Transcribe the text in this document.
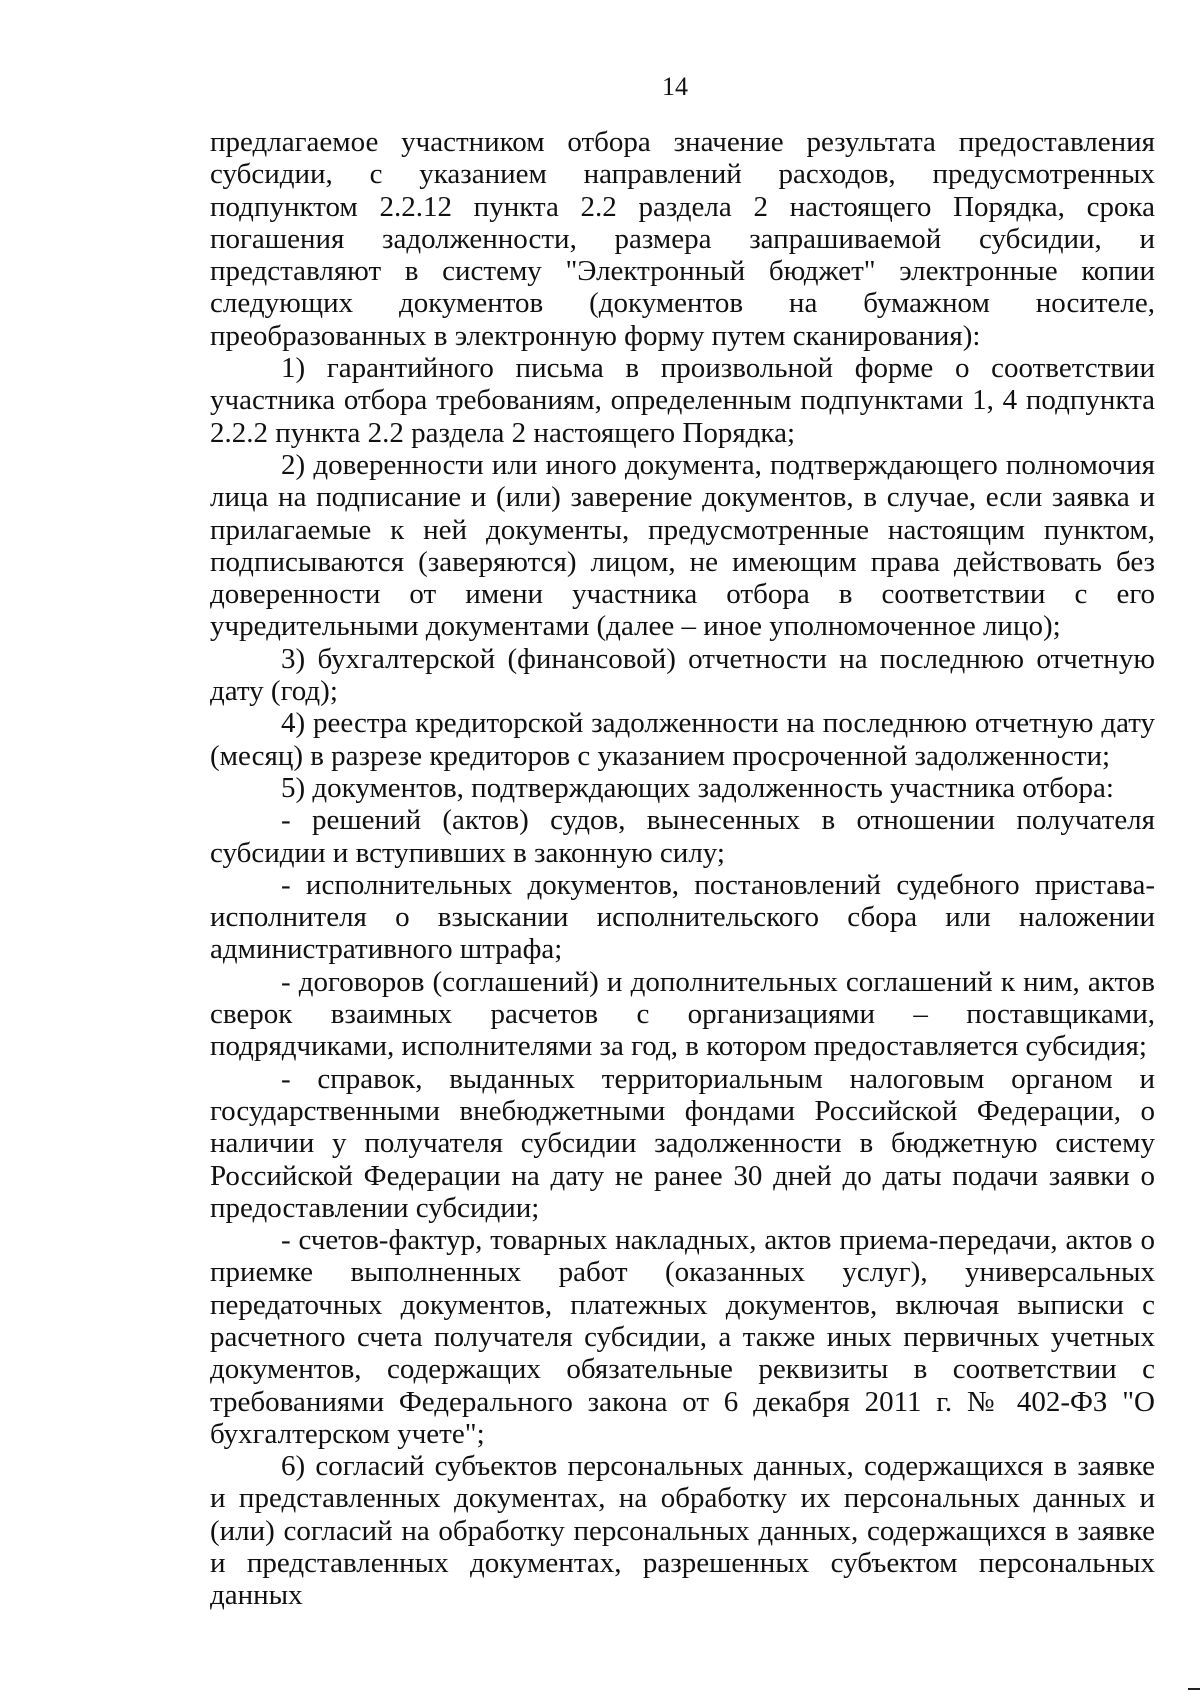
14

предлагаемое участником отбора значение результата предоставления субсидии, с указанием направлений расходов, предусмотренных подпунктом 2.2.12 пункта 2.2 раздела 2 настоящего Порядка, срока погашения задолженности, размера запрашиваемой субсидии, и представляют в систему "Электронный бюджет" электронные копии следующих документов (документов на бумажном носителе, преобразованных в электронную форму путем сканирования):

1) гарантийного письма в произвольной форме о соответствии участника отбора требованиям, определенным подпунктами 1, 4 подпункта 2.2.2 пункта 2.2 раздела 2 настоящего Порядка;

2) доверенности или иного документа, подтверждающего полномочия лица на подписание и (или) заверение документов, в случае, если заявка и прилагаемые к ней документы, предусмотренные настоящим пунктом, подписываются (заверяются) лицом, не имеющим права действовать без доверенности от имени участника отбора в соответствии с его учредительными документами (далее – иное уполномоченное лицо);

3) бухгалтерской (финансовой) отчетности на последнюю отчетную дату (год);

4) реестра кредиторской задолженности на последнюю отчетную дату (месяц) в разрезе кредиторов с указанием просроченной задолженности;

5) документов, подтверждающих задолженность участника отбора:

- решений (актов) судов, вынесенных в отношении получателя субсидии и вступивших в законную силу;

- исполнительных документов, постановлений судебного пристава-исполнителя о взыскании исполнительского сбора или наложении административного штрафа;

- договоров (соглашений) и дополнительных соглашений к ним, актов сверок взаимных расчетов с организациями – поставщиками, подрядчиками, исполнителями за год, в котором предоставляется субсидия;

- справок, выданных территориальным налоговым органом и государственными внебюджетными фондами Российской Федерации, о наличии у получателя субсидии задолженности в бюджетную систему Российской Федерации на дату не ранее 30 дней до даты подачи заявки о предоставлении субсидии;

- счетов-фактур, товарных накладных, актов приема-передачи, актов о приемке выполненных работ (оказанных услуг), универсальных передаточных документов, платежных документов, включая выписки с расчетного счета получателя субсидии, а также иных первичных учетных документов, содержащих обязательные реквизиты в соответствии с требованиями Федерального закона от 6 декабря 2011 г. № 402-ФЗ "О бухгалтерском учете";

6) согласий субъектов персональных данных, содержащихся в заявке и представленных документах, на обработку их персональных данных и (или) согласий на обработку персональных данных, содержащихся в заявке и представленных документах, разрешенных субъектом персональных данных
